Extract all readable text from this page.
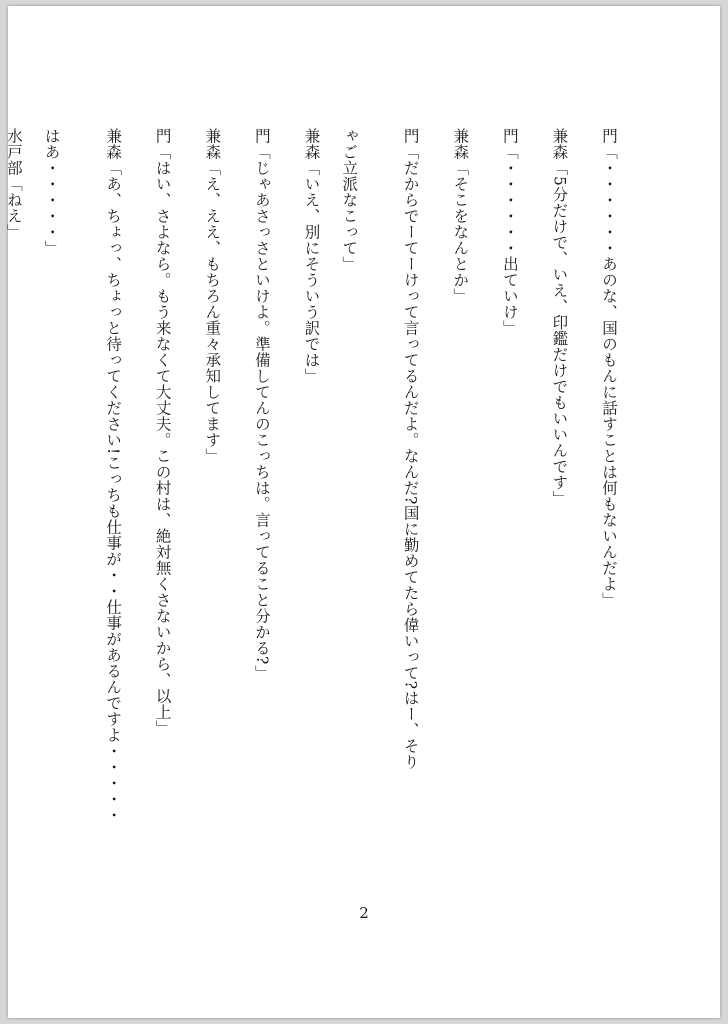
門「・・・・・・あのな、国のもんに話すことは何もないんだよ」
兼森「5分だけで、いえ、印鑑だけでもいいんです」
門「・・・・・・出ていけ」
兼森「そこをなんとか」
門「だからでーてーけって言ってるんだよ。なんだ?国に勤めてたら偉いって?はー、そり
ゃご立派なこって」
兼森「いえ、別にそういう訳では」
門「じゃあさっさといけよ。準備してんのこっちは。言ってること分かる?」
兼森「え、ええ、もちろん重々承知してます」
門「はい、さよなら。もう来なくて大丈夫。この村は、絶対無くさないから、以上」
兼森「あ、ちょっ、ちょっと待ってください!こっちも仕事が・・仕事があるんですよ・・・・・
はあ・・・・・」
水戸部「ねえ」
2
